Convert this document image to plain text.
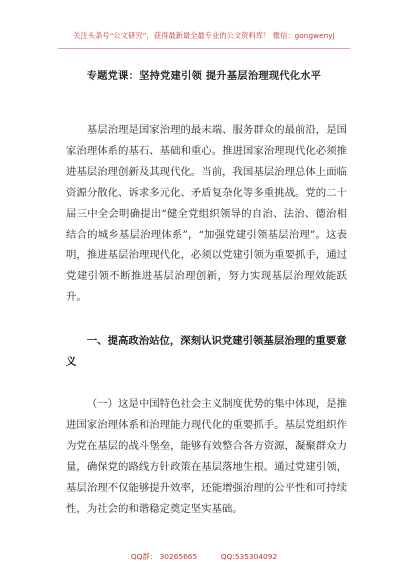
关注头条号“公文研究”，获得最新最全最专业的公文资料库！ 微信：gongwenyj
专题党课：坚持党建引领 提升基层治理现代化水平

基层治理是国家治理的最末端、服务群众的最前沿，是国家治理体系的基石、基础和重心。推进国家治理现代化必须推进基层治理创新及其现代化。当前，我国基层治理总体上面临资源分散化、诉求多元化、矛盾复杂化等多重挑战。党的二十届三中全会明确提出“健全党组织领导的自治、法治、德治相结合的城乡基层治理体系”，“加强党建引领基层治理”。这表明，推进基层治理现代化，必须以党建引领为重要抓手，通过党建引领不断推进基层治理创新，努力实现基层治理效能跃升。

一、提高政治站位，深刻认识党建引领基层治理的重要意义

（一）这是中国特色社会主义制度优势的集中体现，是推进国家治理体系和治理能力现代化的重要抓手。基层党组织作为党在基层的战斗堡垒，能够有效整合各方资源，凝聚群众力量，确保党的路线方针政策在基层落地生根。通过党建引领，基层治理不仅能够提升效率，还能增强治理的公平性和可持续性，为社会的和谐稳定奠定坚实基础。

QQ群： 30265665          QQ:535304092
